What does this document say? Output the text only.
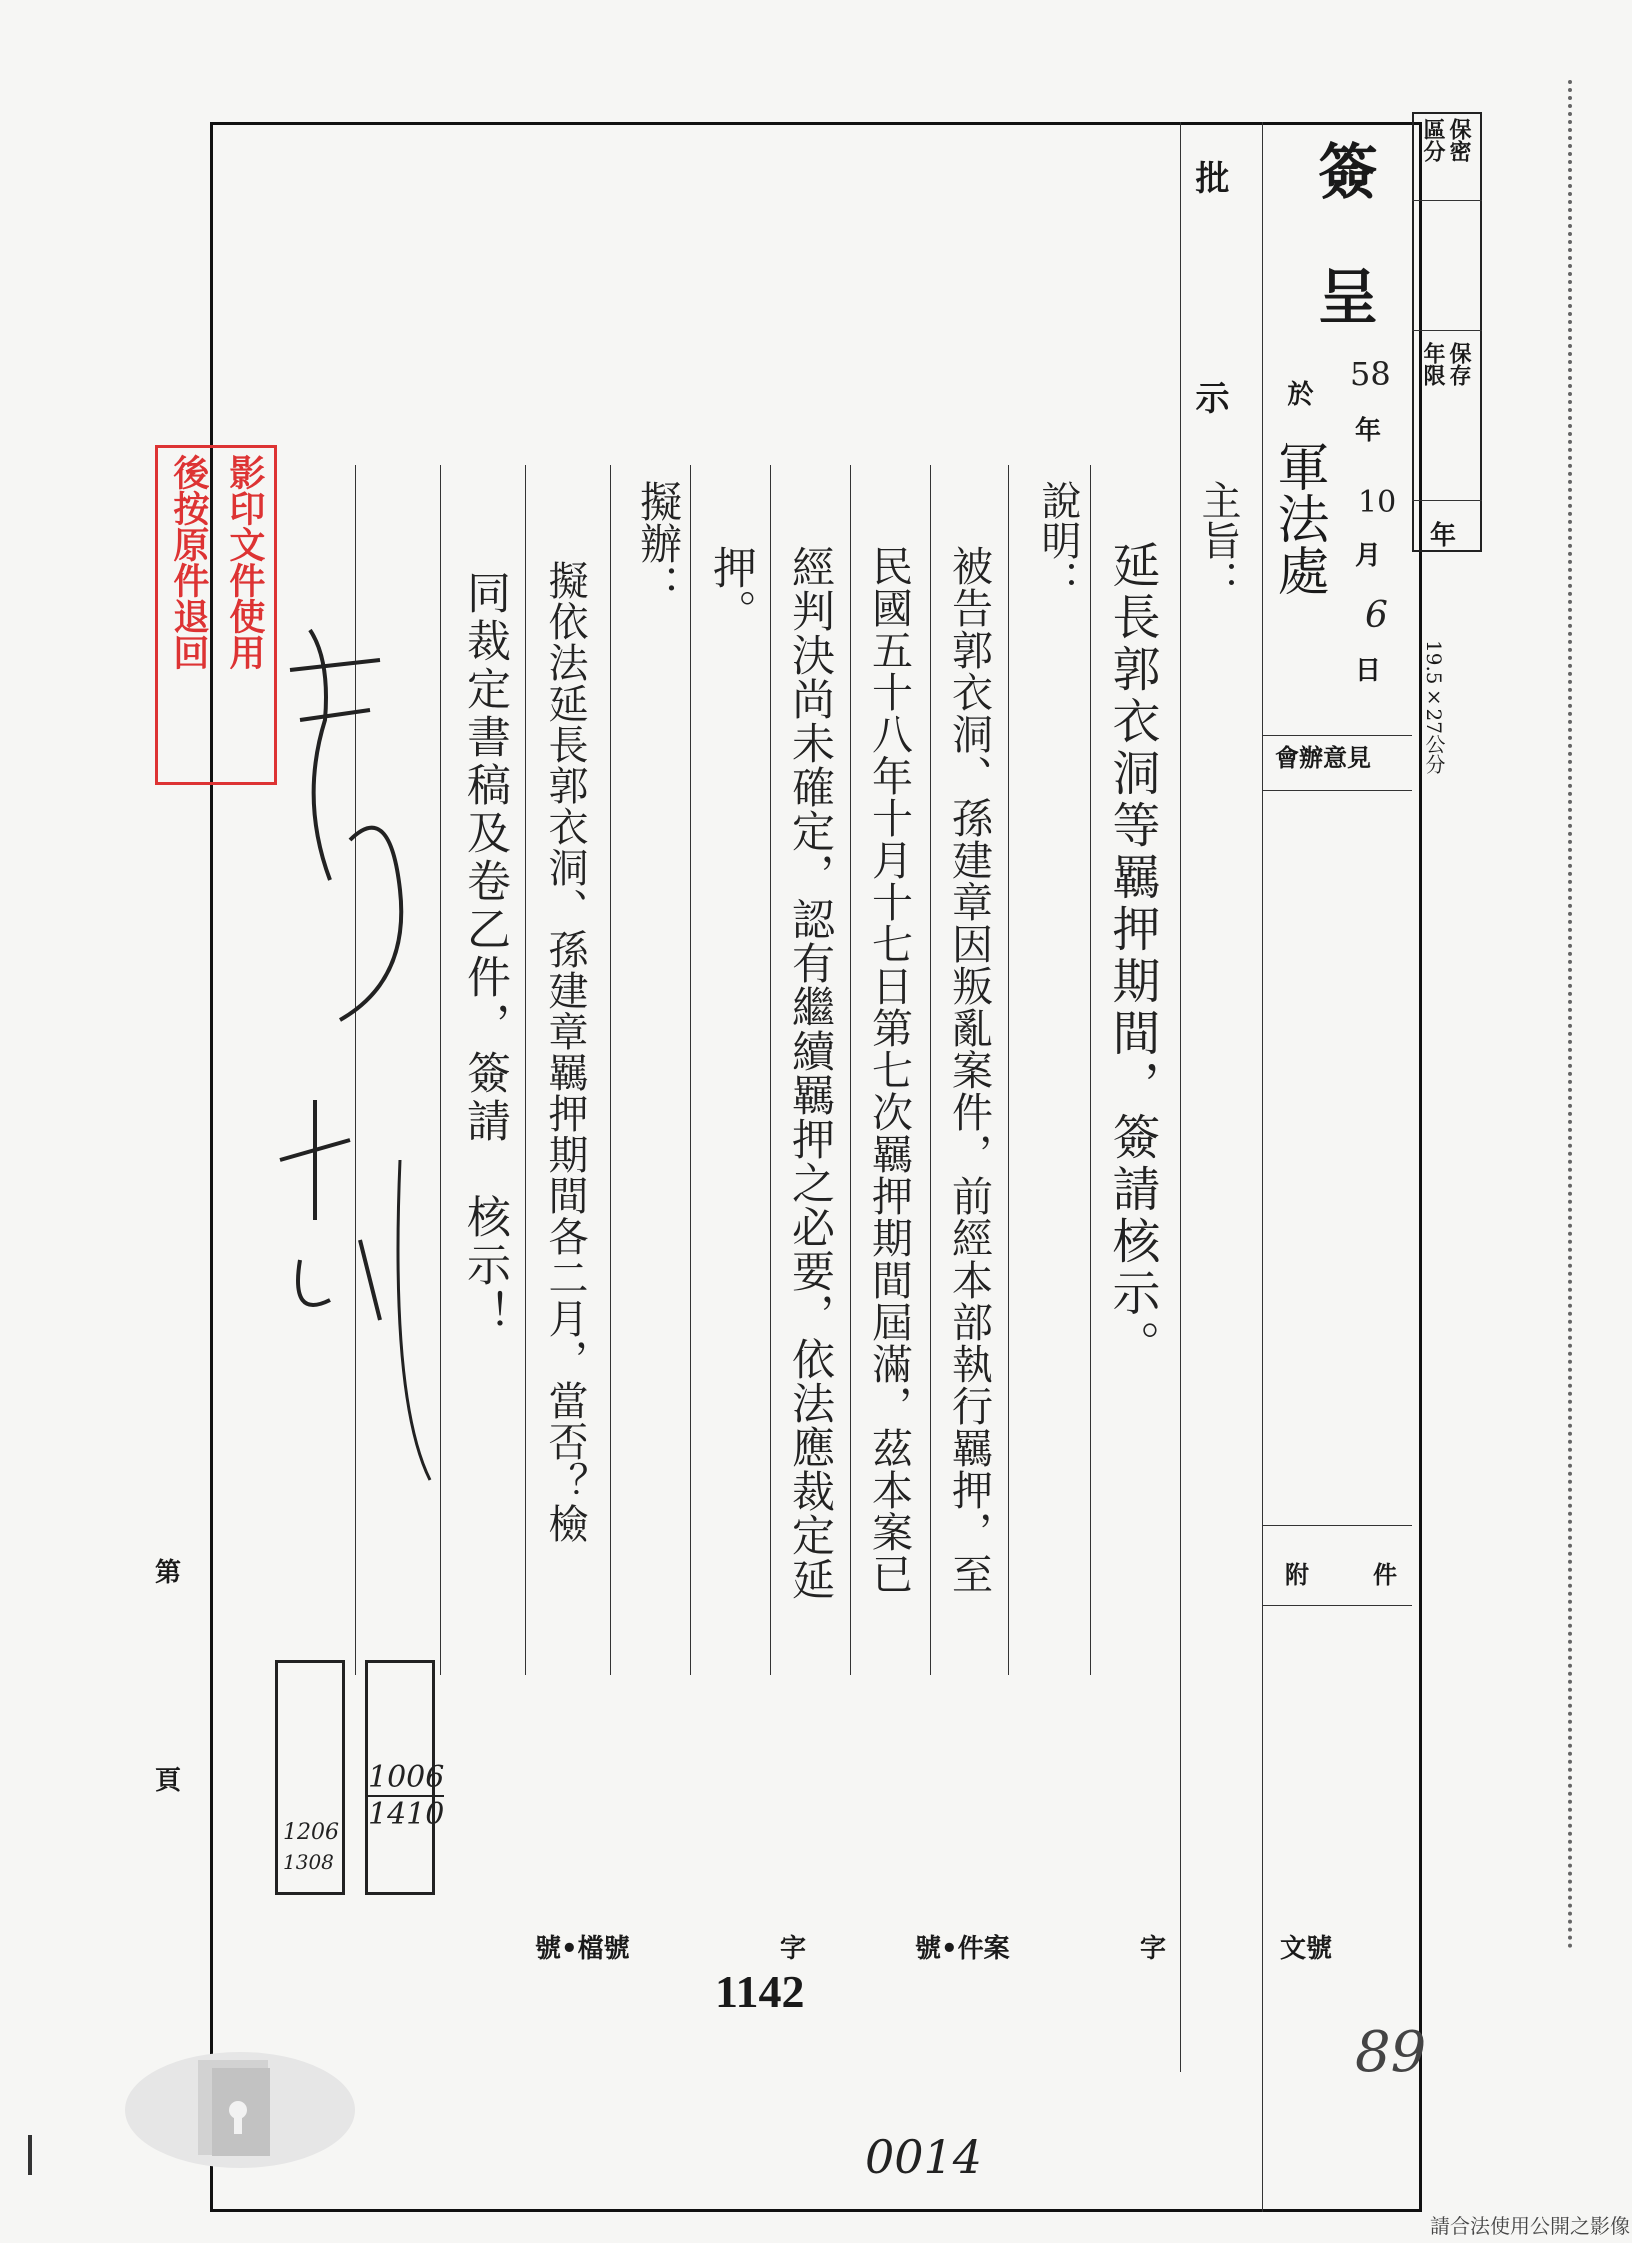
保密
區分
保存
年限
年
19.5×27公分
簽
呈
批
示 於
軍法處
58
年
10
月
6
日
會辦意見
附　件
主旨：
延長郭衣洞等羈押期間，簽請核示。
說明：
被告郭衣洞、孫建章因叛亂案件，前經本部執行羈押，至
民國五十八年十月十七日第七次羈押期間屆滿，茲本案已
經判決尚未確定，認有繼續羈押之必要，依法應裁定延
押。
擬辦：
擬依法延長郭衣洞、孫建章羈押期間各二月，當否？檢
同裁定書稿及卷乙件，簽請　核示！
影印文件使用
後按原件退回
1006
1410
1206
1308
第
頁
文號
字
號•件案
字
號•檔號
1142
89
0014
請合法使用公開之影像
